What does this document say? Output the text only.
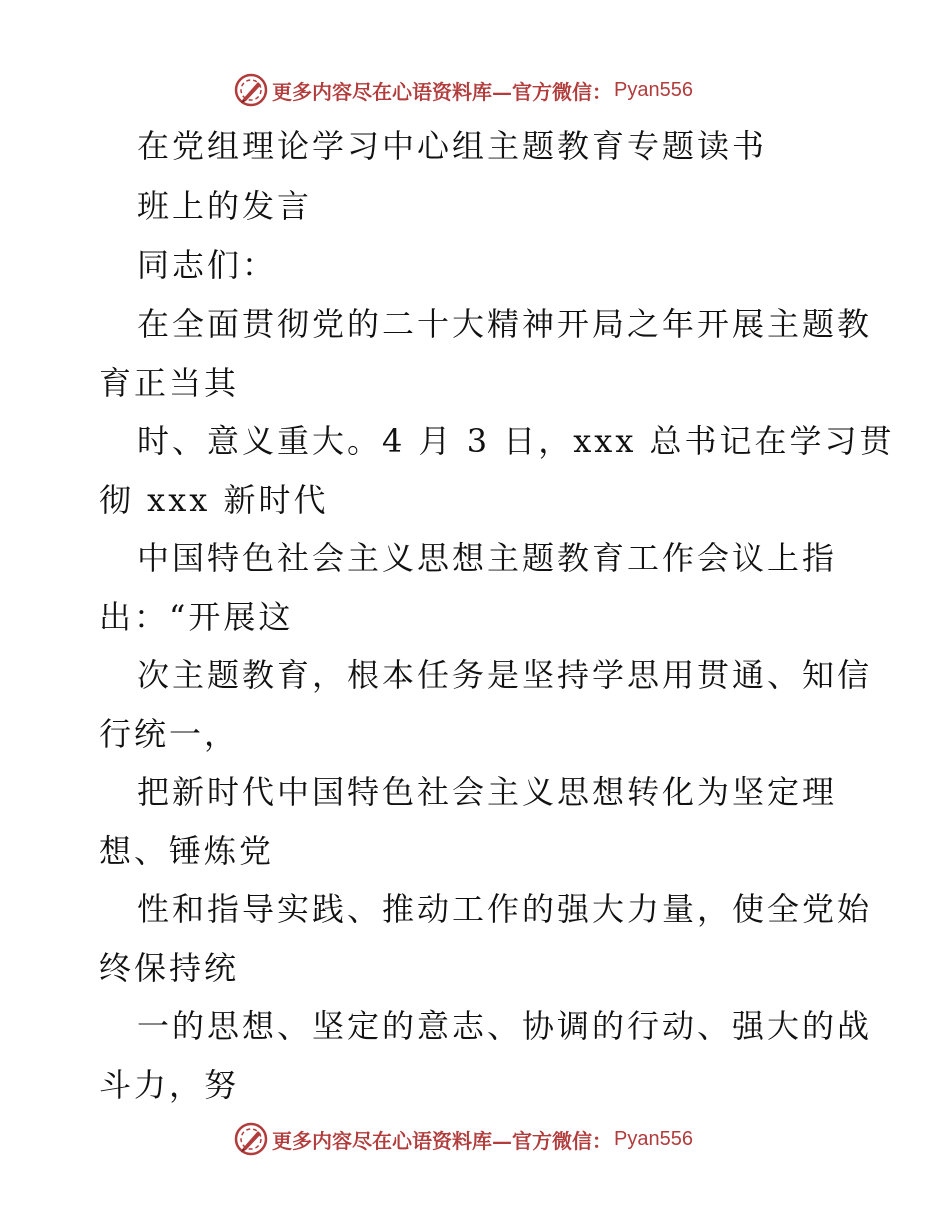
更多内容尽在心语资料库—官方微信： Pyan556
在党组理论学习中心组主题教育专题读书
班上的发言
同志们：
在全面贯彻党的二十大精神开局之年开展主题教
育正当其
时、意义重大。4 月 3 日，xxx 总书记在学习贯
彻 xxx 新时代
中国特色社会主义思想主题教育工作会议上指
出：“开展这
次主题教育，根本任务是坚持学思用贯通、知信
行统一，
把新时代中国特色社会主义思想转化为坚定理
想、锤炼党
性和指导实践、推动工作的强大力量，使全党始
终保持统
一的思想、坚定的意志、协调的行动、强大的战
斗力，努
更多内容尽在心语资料库—官方微信： Pyan556
